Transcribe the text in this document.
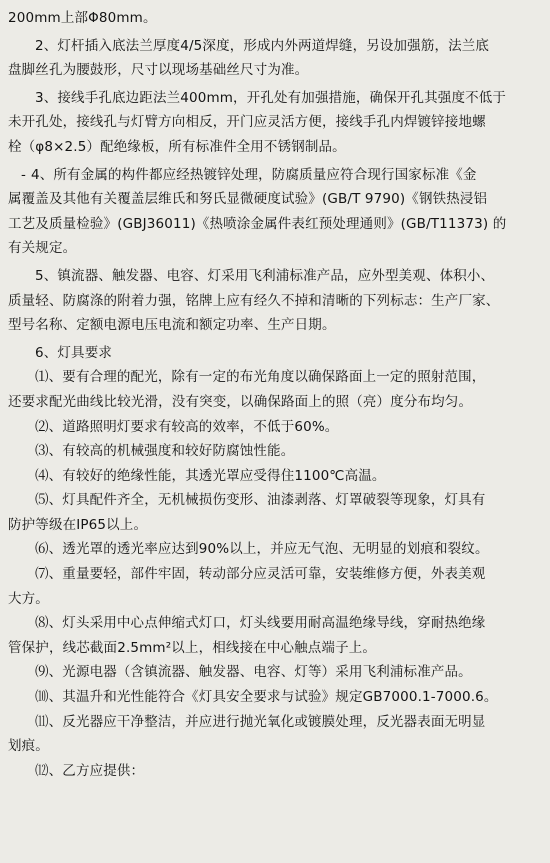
200mm上部Φ80mm。
2、灯杆插入底法兰厚度4/5深度，形成内外两道焊缝，另设加强筋，法兰底
盘脚丝孔为腰鼓形，尺寸以现场基础丝尺寸为准。
3、接线手孔底边距法兰400mm，开孔处有加强措施，确保开孔其强度不低于
未开孔处，接线孔与灯臂方向相反，开门应灵活方便，接线手孔内焊镀锌接地螺
栓（φ8×2.5）配绝缘板，所有标准件全用不锈钢制品。
- 4、所有金属的构件都应经热镀锌处理，防腐质量应符合现行国家标准《金
属覆盖及其他有关覆盖层维氏和努氏显微硬度试验》(GB/T 9790)《钢铁热浸铝
工艺及质量检验》(GBJ36011)《热喷涂金属件表红预处理通则》(GB/T11373) 的
有关规定。
5、镇流器、触发器、电容、灯采用飞利浦标准产品，应外型美观、体积小、
质量轻、防腐涤的附着力强，铭牌上应有经久不掉和清晰的下列标志：生产厂家、
型号名称、定额电源电压电流和额定功率、生产日期。
6、灯具要求
⑴、要有合理的配光，除有一定的布光角度以确保路面上一定的照射范围，
还要求配光曲线比较光滑，没有突变，以确保路面上的照（亮）度分布均匀。
⑵、道路照明灯要求有较高的效率，不低于60%。
⑶、有较高的机械强度和较好防腐蚀性能。
⑷、有较好的绝缘性能，其透光罩应受得住1100℃高温。
⑸、灯具配件齐全，无机械损伤变形、油漆剥落、灯罩破裂等现象，灯具有
防护等级在IP65以上。
⑹、透光罩的透光率应达到90%以上，并应无气泡、无明显的划痕和裂纹。
⑺、重量要轻，部件牢固，转动部分应灵活可靠，安装维修方便，外表美观
大方。
⑻、灯头采用中心点伸缩式灯口，灯头线要用耐高温绝缘导线，穿耐热绝缘
管保护，线芯截面2.5mm²以上，相线接在中心触点端子上。
⑼、光源电器（含镇流器、触发器、电容、灯等）采用飞利浦标准产品。
⑽、其温升和光性能符合《灯具安全要求与试验》规定GB7000.1-7000.6。
⑾、反光器应干净整洁，并应进行抛光氧化或镀膜处理，反光器表面无明显
划痕。
⑿、乙方应提供：
